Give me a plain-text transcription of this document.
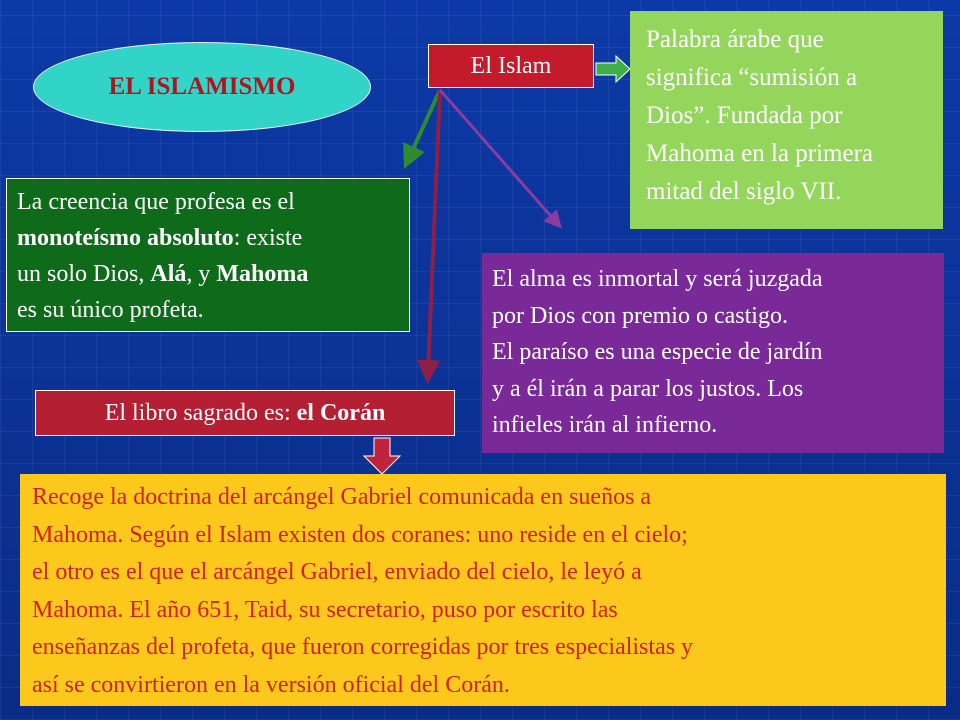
EL ISLAMISMO
El Islam
Palabra árabe que
significa “sumisión a
Dios”. Fundada por
Mahoma en la primera
mitad del siglo VII.
La creencia que profesa es el
monoteísmo absoluto: existe
un solo Dios, Alá, y Mahoma
es su único profeta.
El alma es inmortal y será juzgada
por Dios con premio o castigo.
El paraíso es una especie de jardín
y a él irán a parar los justos. Los
infieles irán al infierno.
El libro sagrado es: el Corán
Recoge la doctrina del arcángel Gabriel comunicada en sueños a
Mahoma. Según el Islam existen dos coranes: uno reside en el cielo;
el otro es el que el arcángel Gabriel, enviado del cielo, le leyó a
Mahoma. El año 651, Taid, su secretario, puso por escrito las
enseñanzas del profeta, que fueron corregidas por tres especialistas y
así se convirtieron en la versión oficial del Corán.
